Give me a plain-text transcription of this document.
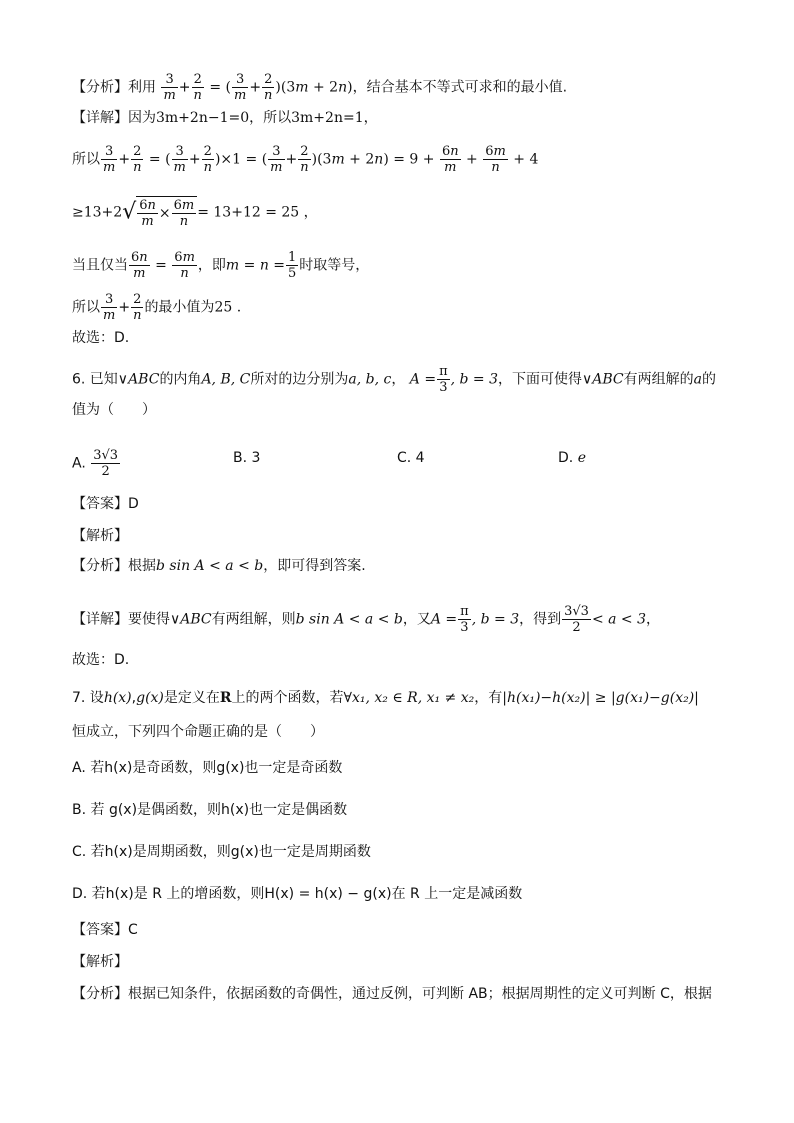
【分析】利用 $\frac{3}{m} + \frac{2}{n}$ = ( $\frac{3}{m} + \frac{2}{n} )(3m + 2n)$，结合基本不等式可求和的最小值.
【详解】因为3m+2n−1=0，所以3m+2n=1，
所以 $\frac{3}{m} + \frac{2}{n}$ = ( $\frac{3}{m} + \frac{2}{n} )\times 1$ = ( $\frac{3}{m} + \frac{2}{n} )(3m + 2n) = 9 + \frac{6n}{m} + \frac{6m}{n} + 4$
$\ge 13+2√ \frac{6n}{m} \times \frac{6m}{n} = 13+12 = 25$ ，
当且仅当 $\frac{6n}{m} = \frac{6m}{n}$ ，即$m = n = \frac{1}{5}$ 时取等号，
所以 $\frac{3}{m} + \frac{2}{n}$ 的最小值为25 .
故选：D.
6. 已知∨ABC的内角A, B, C所对的边分别为a, b, c， $A = \frac{\pi}{3}$ , b = 3，下面可使得∨ABC有两组解的a的
值为（　　）
A. $\frac{3√3}{2}$	B. 3	C. 4	D. e
【答案】D
【解析】
【分析】根据b sin A < a < b，即可得到答案.
【详解】要使得∨ABC有两组解，则b sin A < a < b，又$A = \frac{\pi}{3}$ , b = 3，得到 $\frac{3√3}{2} < a < 3$，
故选：D.
7. 设h(x),g(x)是定义在R上的两个函数，若∀x₁, x₂ ∈ R, x₁ ≠ x₂，有|h(x₁)−h(x₂)| ≥ |g(x₁)−g(x₂)|
恒成立，下列四个命题正确的是（　　）
A. 若h(x)是奇函数，则g(x)也一定是奇函数
B. 若 g(x)是偶函数，则h(x)也一定是偶函数
C. 若h(x)是周期函数，则g(x)也一定是周期函数
D. 若h(x)是 R 上的增函数，则H(x) = h(x) − g(x)在 R 上一定是减函数
【答案】C
【解析】
【分析】根据已知条件，依据函数的奇偶性，通过反例，可判断 AB；根据周期性的定义可判断 C，根据
